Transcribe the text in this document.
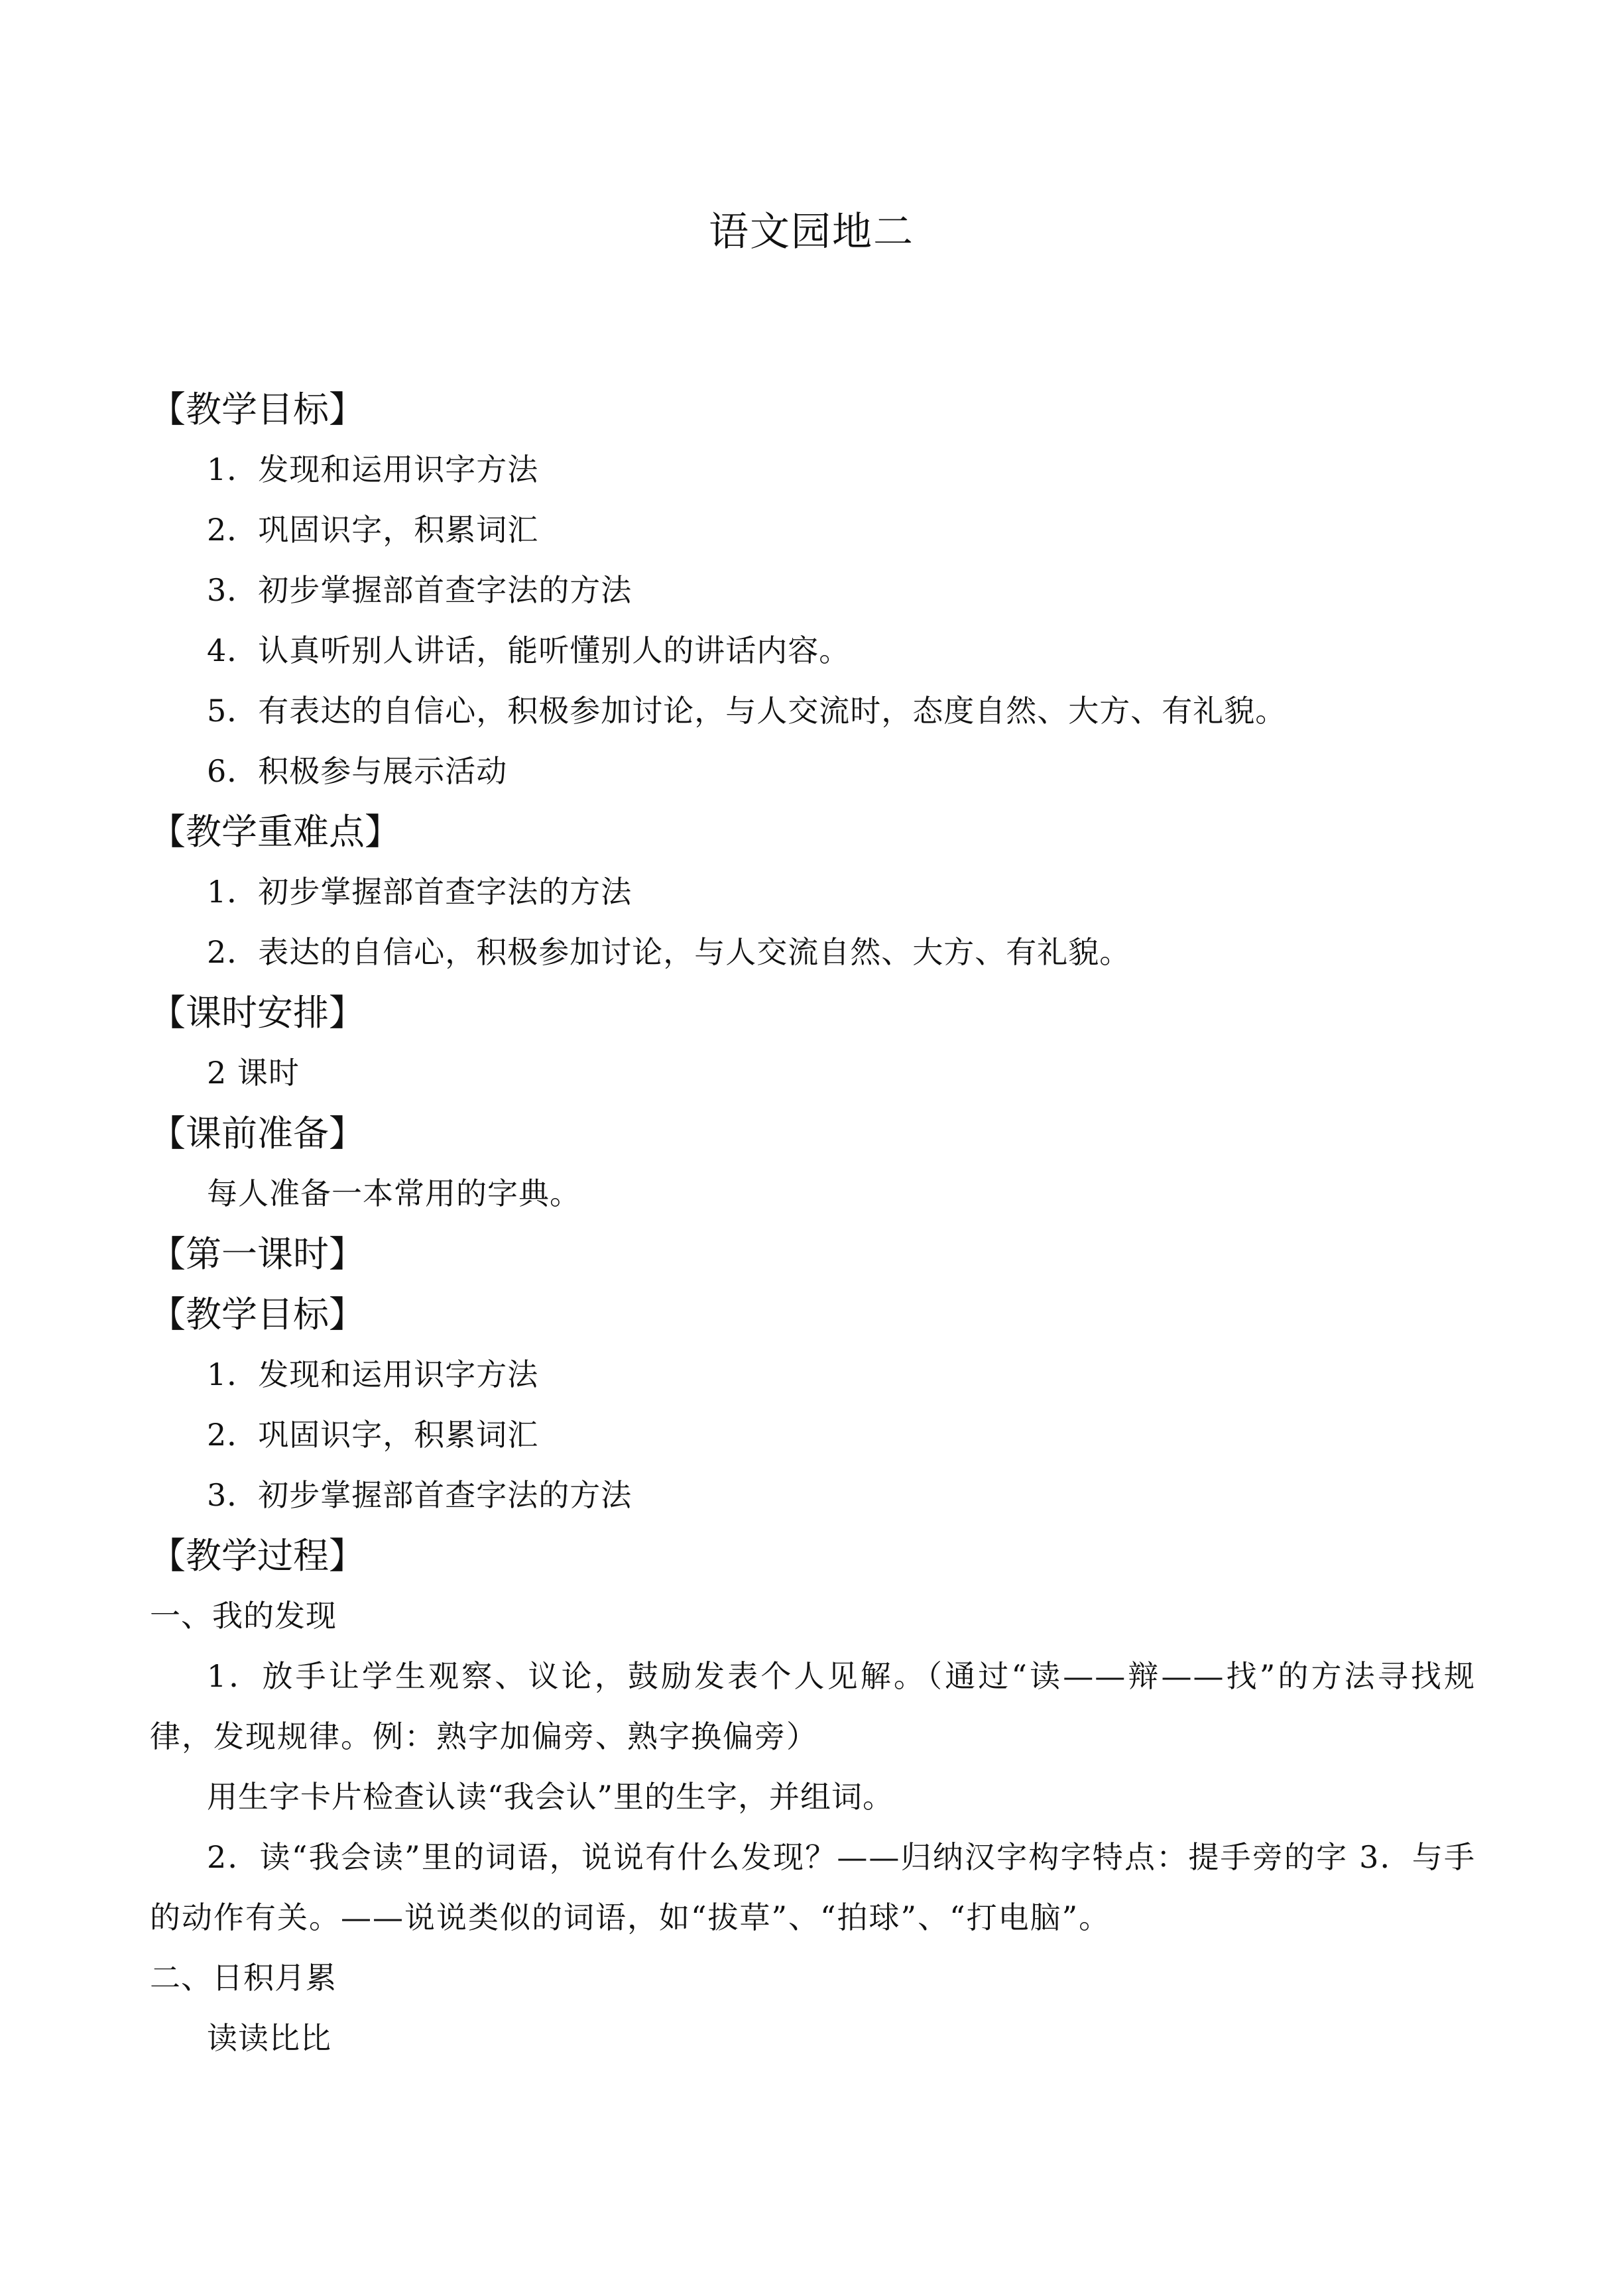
语文园地二
【教学目标】
1．发现和运用识字方法
2．巩固识字，积累词汇
3．初步掌握部首查字法的方法
4．认真听别人讲话，能听懂别人的讲话内容。
5．有表达的自信心，积极参加讨论，与人交流时，态度自然、大方、有礼貌。
6．积极参与展示活动
【教学重难点】
1．初步掌握部首查字法的方法
2．表达的自信心，积极参加讨论，与人交流自然、大方、有礼貌。
【课时安排】
2 课时
【课前准备】
每人准备一本常用的字典。
【第一课时】
【教学目标】
1．发现和运用识字方法
2．巩固识字，积累词汇
3．初步掌握部首查字法的方法
【教学过程】
一、我的发现
1．放手让学生观察、议论，鼓励发表个人见解。（通过“读——辩——找”的方法寻找规律，发现规律。例：熟字加偏旁、熟字换偏旁）
用生字卡片检查认读“我会认”里的生字，并组词。
2．读“我会读”里的词语，说说有什么发现？——归纳汉字构字特点：提手旁的字 3．与手的动作有关。——说说类似的词语，如“拔草”、“拍球”、“打电脑”。
二、日积月累
读读比比
